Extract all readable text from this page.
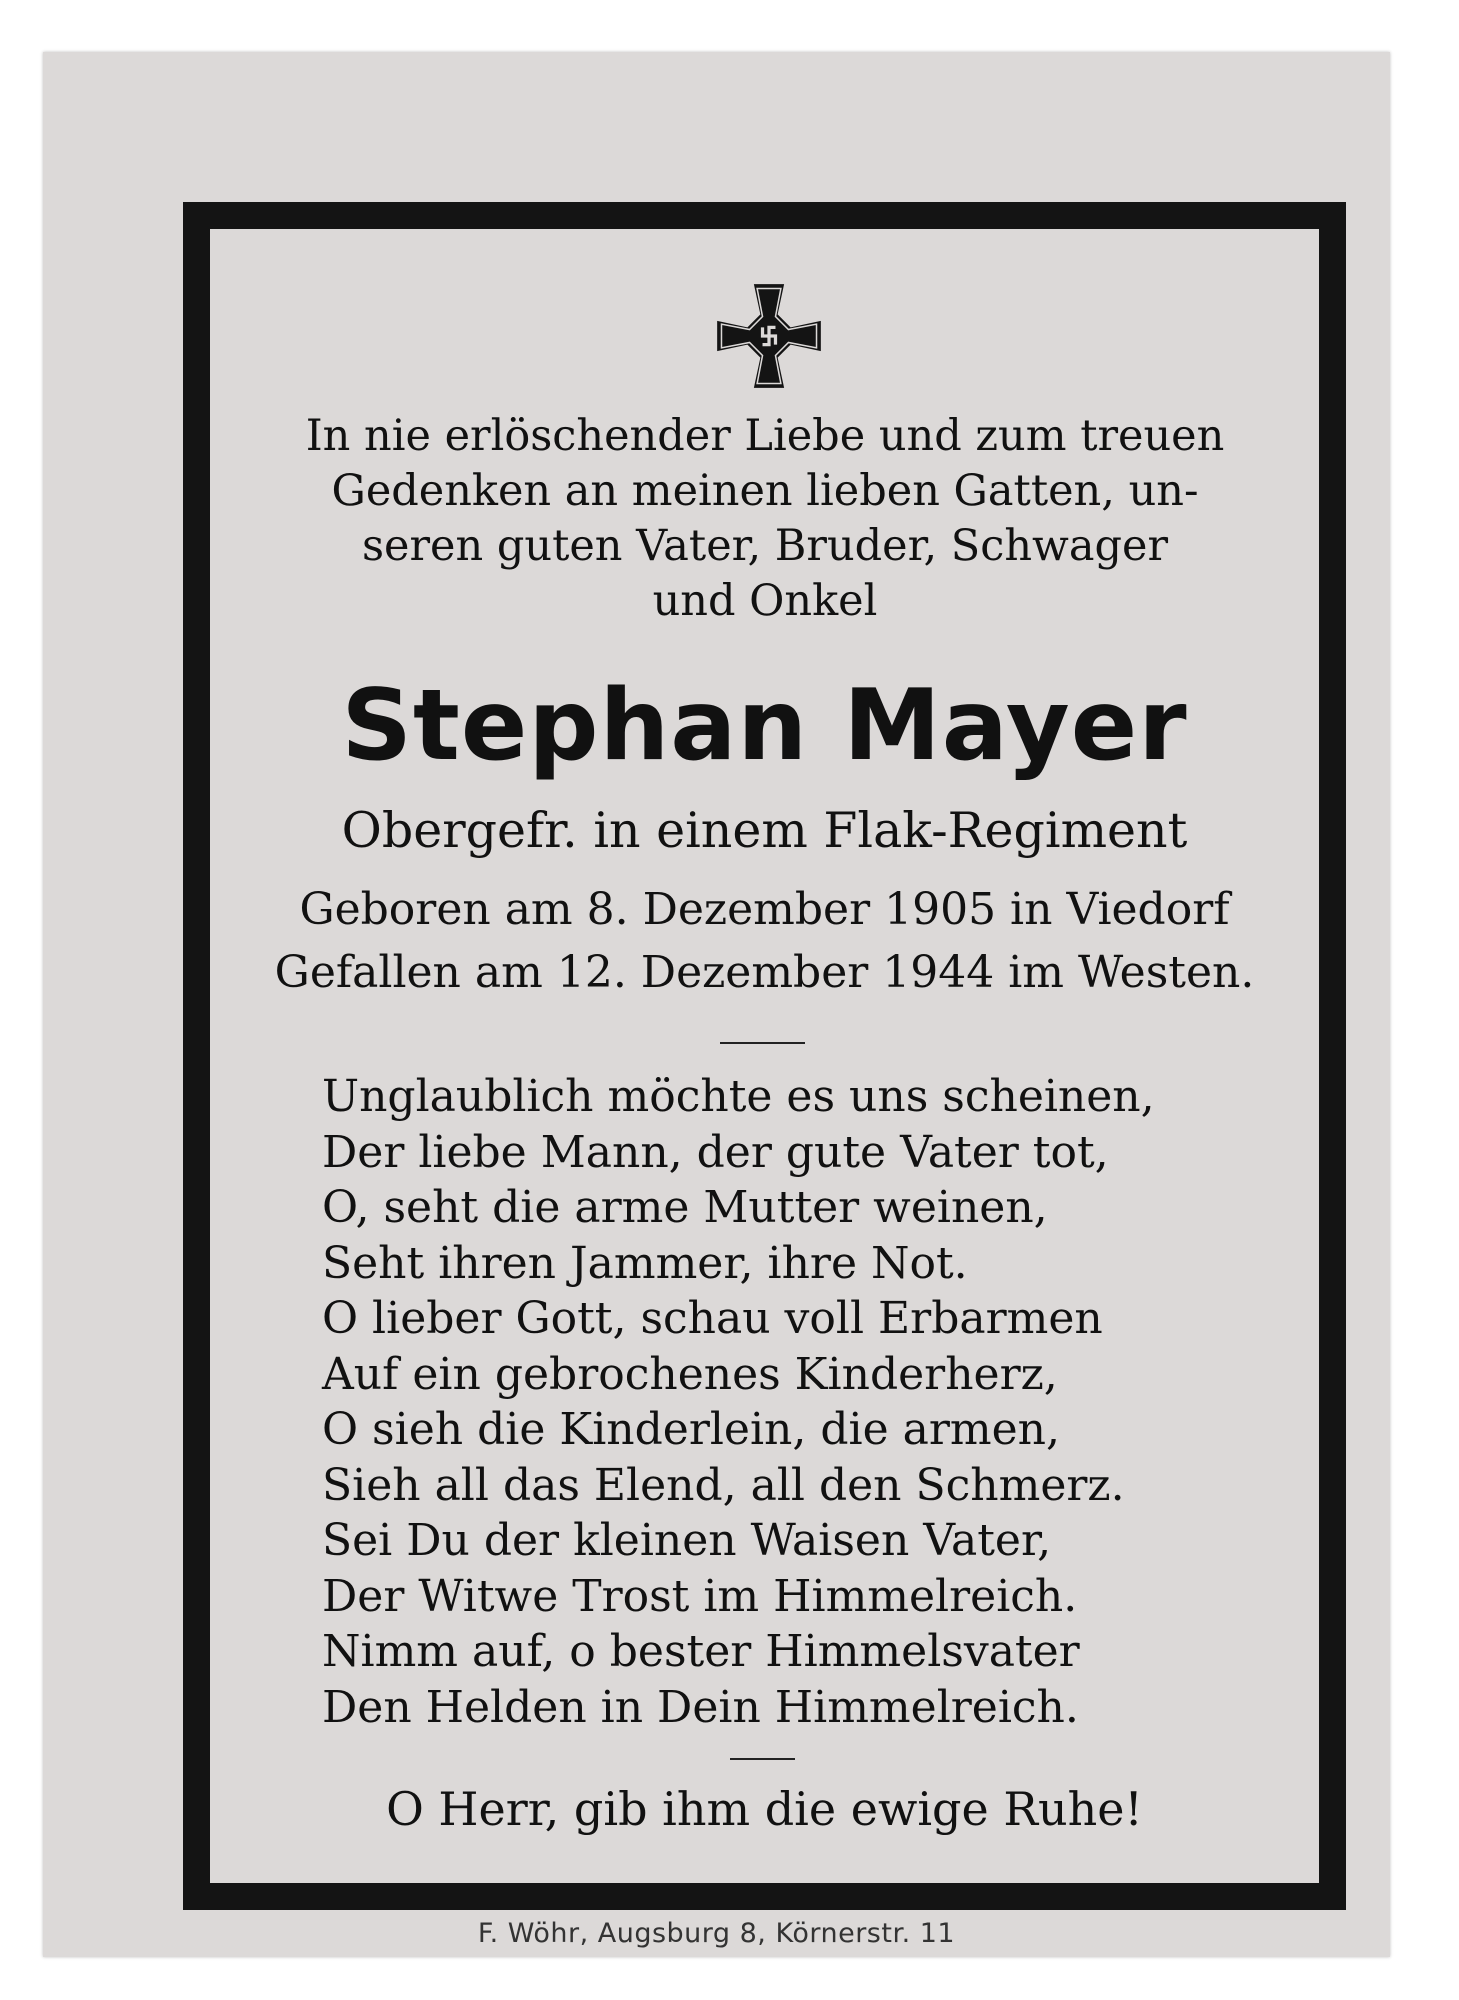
In nie erlöschender Liebe und zum treuen
Gedenken an meinen lieben Gatten, un-
seren guten Vater, Bruder, Schwager
und Onkel
Stephan Mayer
Obergefr. in einem Flak-Regiment
Geboren am 8. Dezember 1905 in Viedorf
Gefallen am 12. Dezember 1944 im Westen.
Unglaublich möchte es uns scheinen,
Der liebe Mann, der gute Vater tot,
O, seht die arme Mutter weinen,
Seht ihren Jammer, ihre Not.
O lieber Gott, schau voll Erbarmen
Auf ein gebrochenes Kinderherz,
O sieh die Kinderlein, die armen,
Sieh all das Elend, all den Schmerz.
Sei Du der kleinen Waisen Vater,
Der Witwe Trost im Himmelreich.
Nimm auf, o bester Himmelsvater
Den Helden in Dein Himmelreich.
O Herr, gib ihm die ewige Ruhe!
F. Wöhr, Augsburg 8, Körnerstr. 11
